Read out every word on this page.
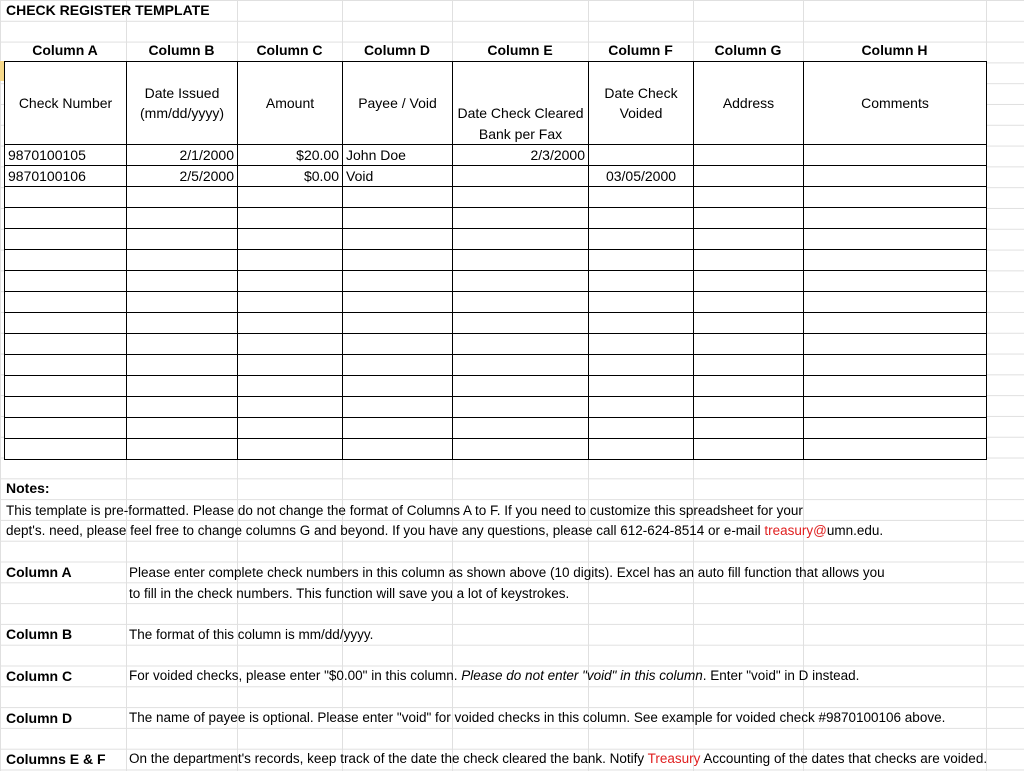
CHECK REGISTER TEMPLATE
Column A	Column B	Column C	Column D	Column E	Column F	Column G	Column H
Check Number	Date Issued (mm/dd/yyyy)	Amount	Payee / Void	Date Check Cleared Bank per Fax	Date Check Voided	Address	Comments
9870100105	2/1/2000	$20.00	John Doe	2/3/2000			
9870100106	2/5/2000	$0.00	Void		03/05/2000		

Notes:
This template is pre-formatted. Please do not change the format of Columns A to F. If you need to customize this spreadsheet for your
dept's. need, please feel free to change columns G and beyond. If you have any questions, please call 612-624-8514 or e-mail treasury@umn.edu.
Column A	Please enter complete check numbers in this column as shown above (10 digits). Excel has an auto fill function that allows you
to fill in the check numbers. This function will save you a lot of keystrokes.
Column B	The format of this column is mm/dd/yyyy.
Column C	For voided checks, please enter "$0.00" in this column. Please do not enter "void" in this column. Enter "void" in D instead.
Column D	The name of payee is optional. Please enter "void" for voided checks in this column. See example for voided check #9870100106 above.
Columns E & F On the department's records, keep track of the date the check cleared the bank. Notify Treasury Accounting of the dates that checks are voided.
